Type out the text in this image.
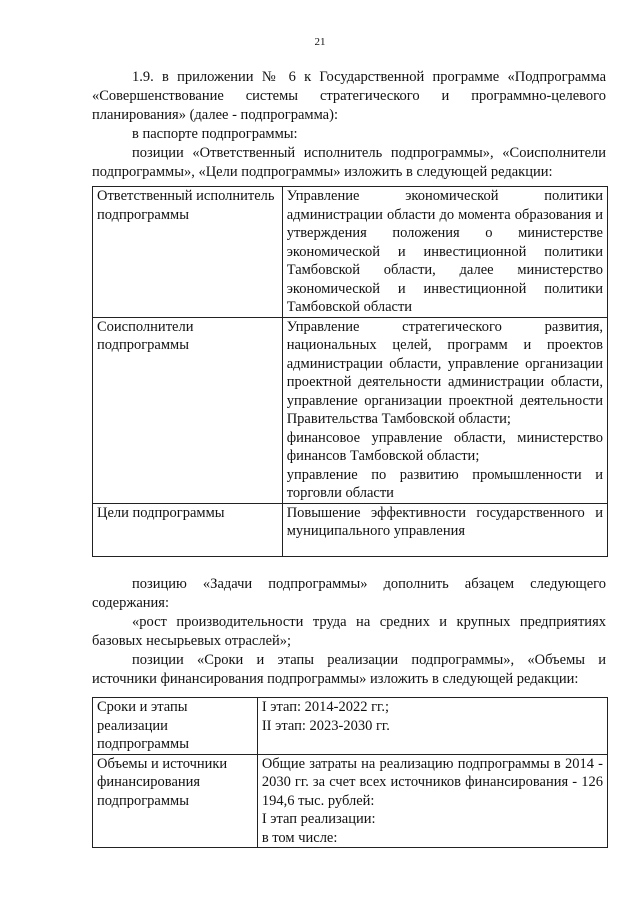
21
1.9. в приложении № 6 к Государственной программе «Подпрограмма «Совершенствование системы стратегического и программно-целевого планирования» (далее - подпрограмма):
в паспорте подпрограммы:
позиции «Ответственный исполнитель подпрограммы», «Соисполнители подпрограммы», «Цели подпрограммы» изложить в следующей редакции:
Ответственный исполнитель подпрограммы	Управление экономической политики администрации области до момента образования и утверждения положения о министерстве экономической и инвестиционной политики Тамбовской области, далее министерство экономической и инвестиционной политики Тамбовской области
Соисполнители подпрограммы	Управление стратегического развития, национальных целей, программ и проектов администрации области, управление организации проектной деятельности администрации области, управление организации проектной деятельности Правительства Тамбовской области;
финансовое управление области, министерство финансов Тамбовской области;
управление по развитию промышленности и торговли области

Цели подпрограммы	Повышение эффективности государственного и муниципального управления
позицию «Задачи подпрограммы» дополнить абзацем следующего содержания:
«рост производительности труда на средних и крупных предприятиях базовых несырьевых отраслей»;
позиции «Сроки и этапы реализации подпрограммы», «Объемы и источники финансирования подпрограммы» изложить в следующей редакции:
Сроки и этапы реализации подпрограммы	I этап: 2014-2022 гг.;
II этап: 2023-2030 гг.

Объемы и источники финансирования подпрограммы	Общие затраты на реализацию подпрограммы в 2014 - 2030 гг. за счет всех источников финансирования - 126 194,6 тыс. рублей:
I этап реализации:
в том числе:
